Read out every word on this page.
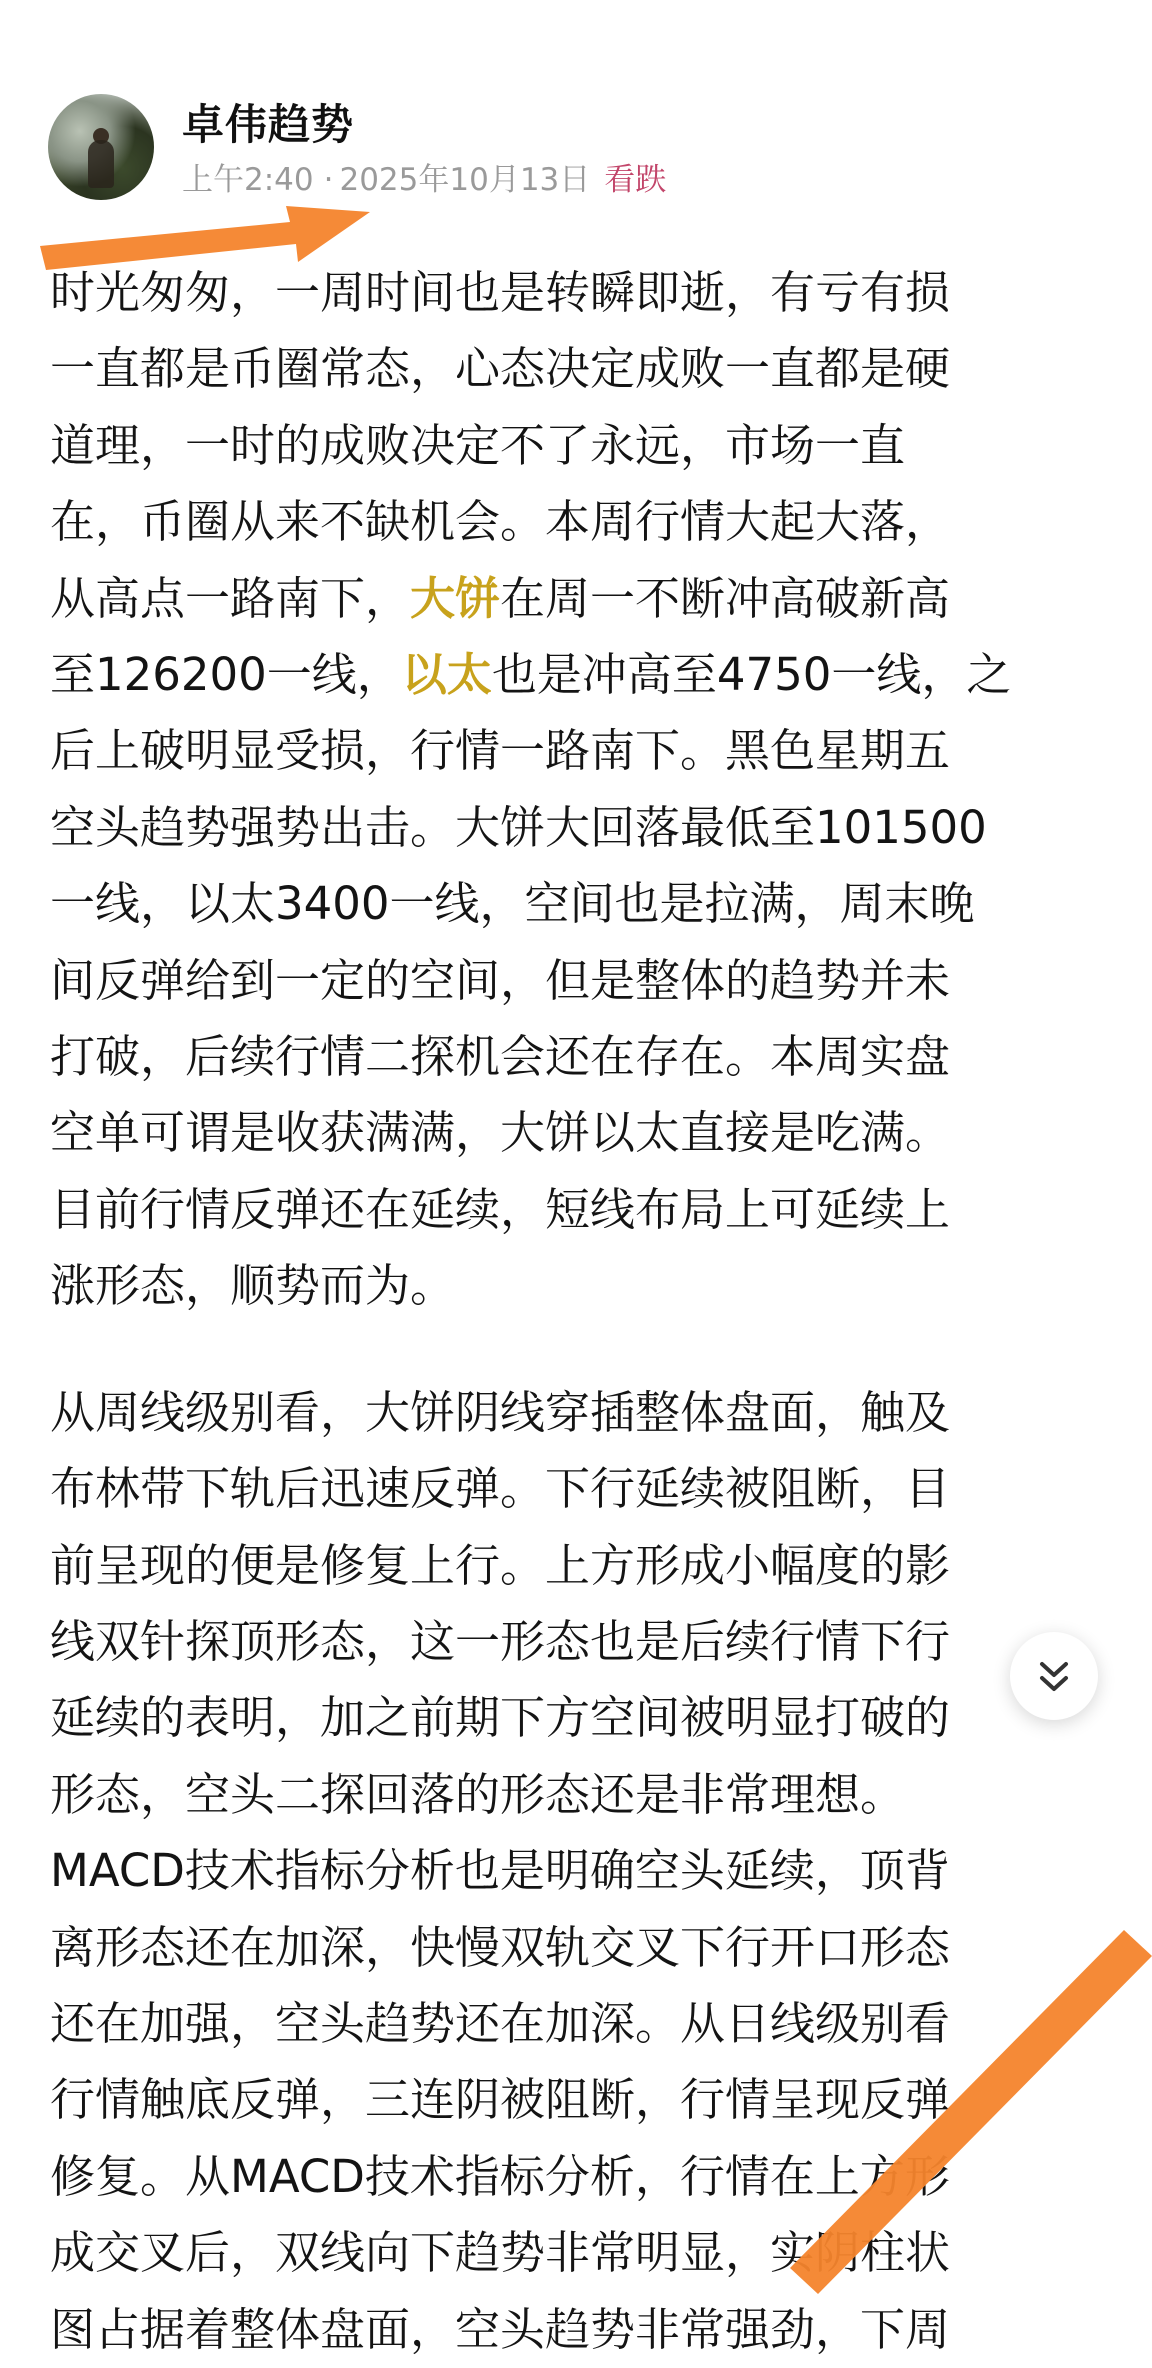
卓伟趋势
上午2:40 · 2025年10月13日 看跌

时光匆匆，一周时间也是转瞬即逝，有亏有损
一直都是币圈常态，心态决定成败一直都是硬
道理，一时的成败决定不了永远，市场一直
在，币圈从来不缺机会。本周行情大起大落，
从高点一路南下，大饼在周一不断冲高破新高
至126200一线，以太也是冲高至4750一线，之
后上破明显受损，行情一路南下。黑色星期五
空头趋势强势出击。大饼大回落最低至101500
一线，以太3400一线，空间也是拉满，周末晚
间反弹给到一定的空间，但是整体的趋势并未
打破，后续行情二探机会还在存在。本周实盘
空单可谓是收获满满，大饼以太直接是吃满。
目前行情反弹还在延续，短线布局上可延续上
涨形态，顺势而为。

从周线级别看，大饼阴线穿插整体盘面，触及
布林带下轨后迅速反弹。下行延续被阻断，目
前呈现的便是修复上行。上方形成小幅度的影
线双针探顶形态，这一形态也是后续行情下行
延续的表明，加之前期下方空间被明显打破的
形态，空头二探回落的形态还是非常理想。
MACD技术指标分析也是明确空头延续，顶背
离形态还在加深，快慢双轨交叉下行开口形态
还在加强，空头趋势还在加深。从日线级别看
行情触底反弹，三连阴被阻断，行情呈现反弹
修复。从MACD技术指标分析，行情在上方形
成交叉后，双线向下趋势非常明显，实阴柱状
图占据着整体盘面，空头趋势非常强劲，下周
